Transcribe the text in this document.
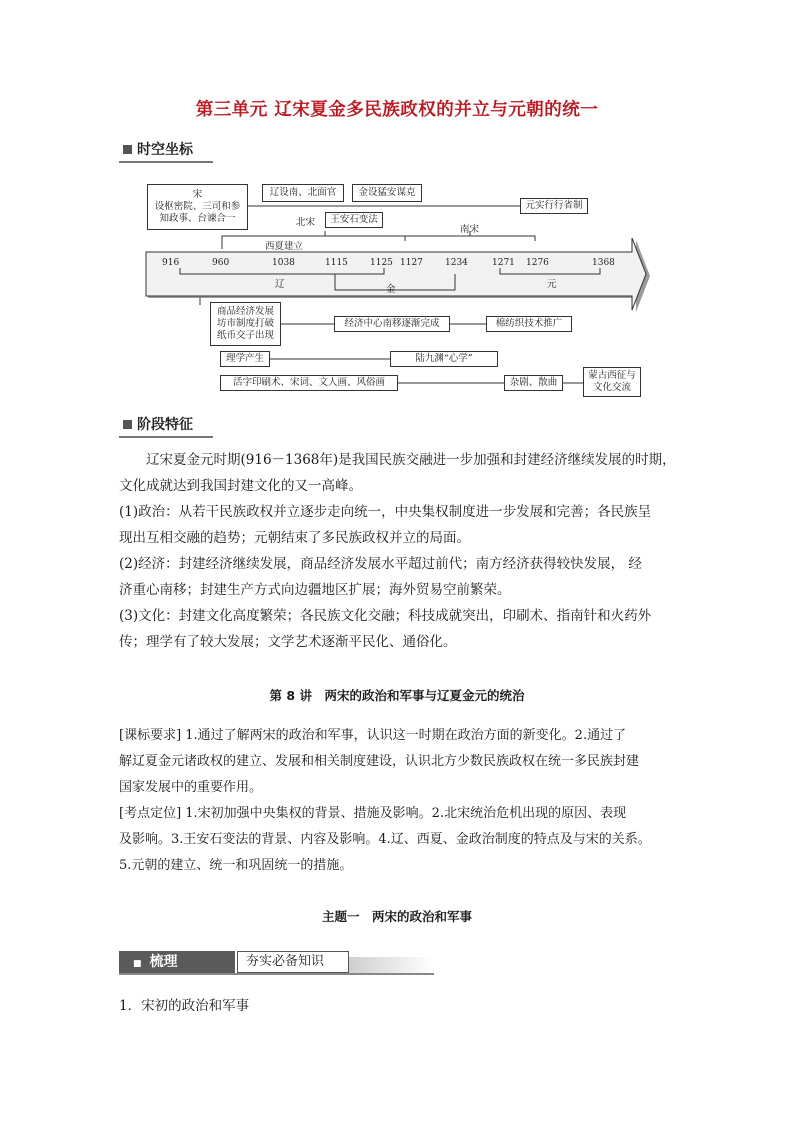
第三单元 辽宋夏金多民族政权的并立与元朝的统一
时空坐标
宋
设枢密院、三司和参
知政事、台谏合一
辽设南、北面官	金设猛安谋克
元实行行省制
北宋	王安石变法
南宋
西夏建立
916	960	1038	1115 1125 1127 1234	1271 1276	1368
辽	金	元
商品经济发展
坊市制度打破
纸币交子出现
经济中心南移逐渐完成	棉纺织技术推广
理学产生	陆九渊“心学”
活字印刷术、宋词、文人画、风俗画	杂剧、散曲
蒙古西征与
文化交流
阶段特征

辽宋夏金元时期(916－1368年)是我国民族交融进一步加强和封建经济继续发展的时期，

文化成就达到我国封建文化的又一高峰。

(1)政治：从若干民族政权并立逐步走向统一，中央集权制度进一步发展和完善；各民族呈

现出互相交融的趋势；元朝结束了多民族政权并立的局面。

(2)经济：封建经济继续发展，商品经济发展水平超过前代；南方经济获得较快发展， 经

济重心南移；封建生产方式向边疆地区扩展；海外贸易空前繁荣。

(3)文化：封建文化高度繁荣；各民族文化交融；科技成就突出，印刷术、指南针和火药外

传；理学有了较大发展；文学艺术逐渐平民化、通俗化。

第 8 讲　两宋的政治和军事与辽夏金元的统治

[课标要求] 1.通过了解两宋的政治和军事，认识这一时期在政治方面的新变化。2.通过了

解辽夏金元诸政权的建立、发展和相关制度建设，认识北方少数民族政权在统一多民族封建

国家发展中的重要作用。

[考点定位] 1.宋初加强中央集权的背景、措施及影响。2.北宋统治危机出现的原因、表现

及影响。3.王安石变法的背景、内容及影响。4.辽、西夏、金政治制度的特点及与宋的关系。

5.元朝的建立、统一和巩固统一的措施。

主题一　两宋的政治和军事
■ 梳理	夯实必备知识
1．宋初的政治和军事
